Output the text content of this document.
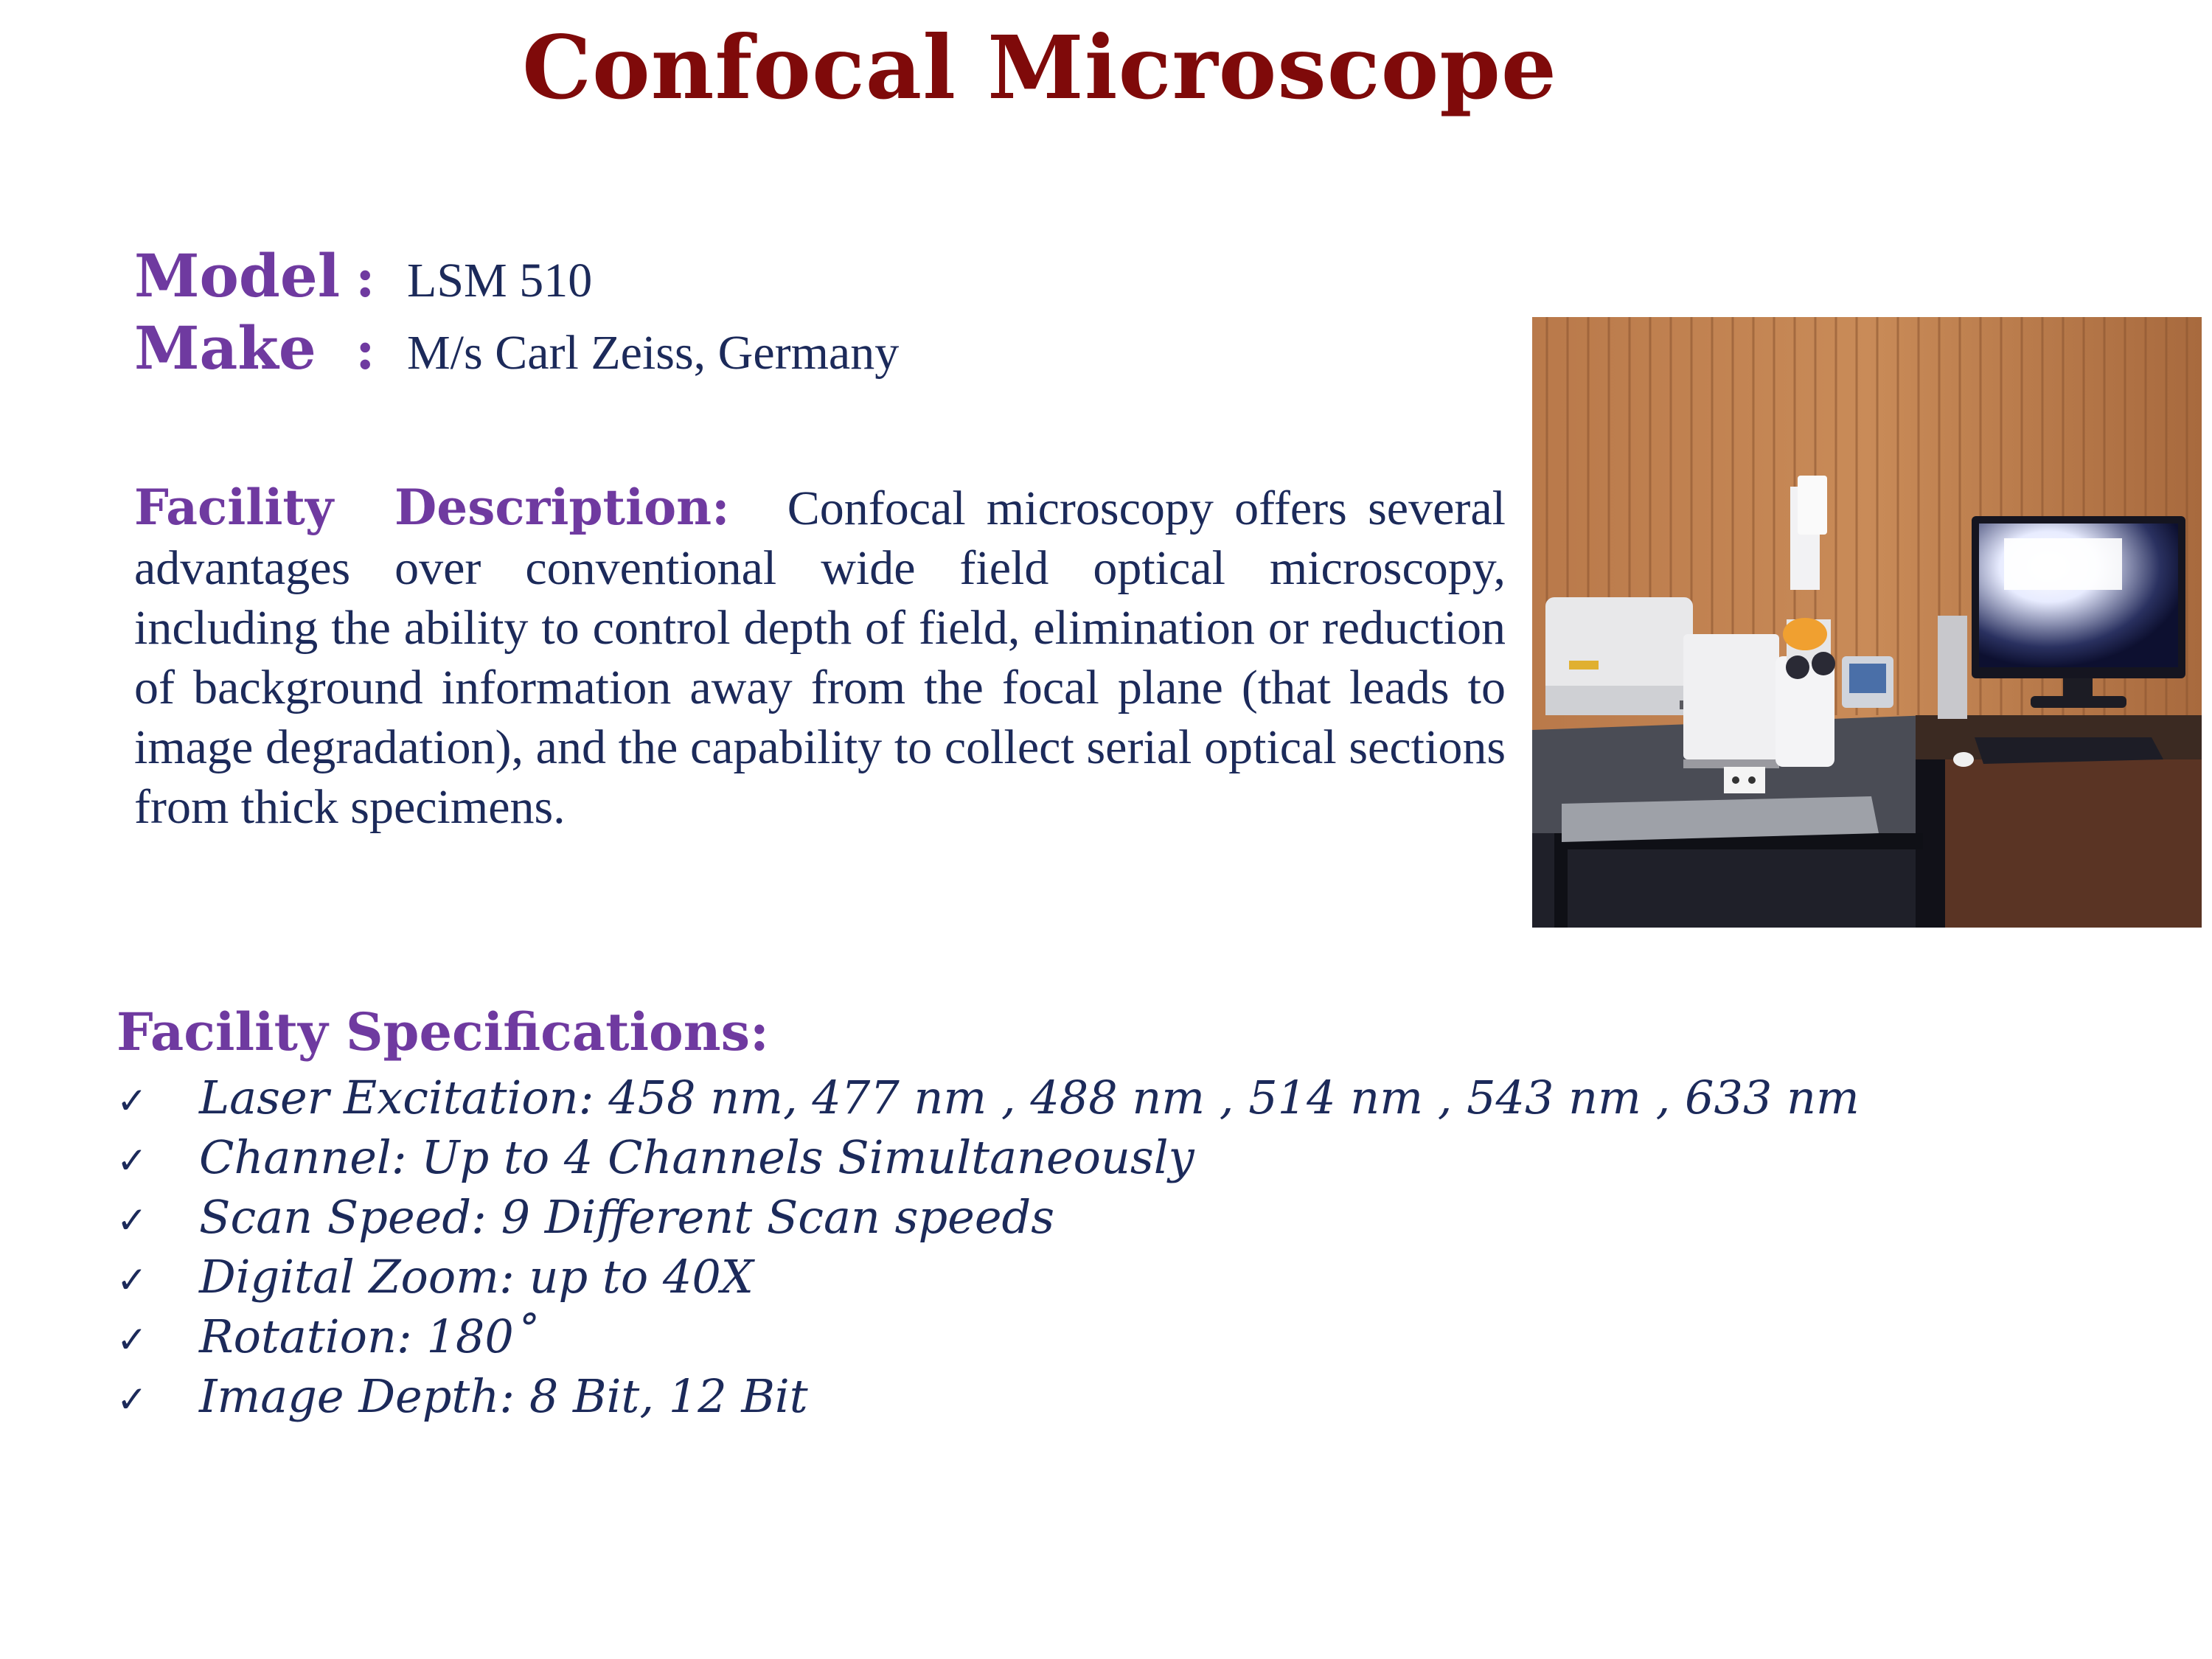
Confocal Microscope
Model : LSM 510
Make : M/s Carl Zeiss, Germany
Facility Description: Confocal microscopy offers several advantages over conventional wide field optical microscopy, including the ability to control depth of field, elimination or reduction of background information away from the focal plane (that leads to image degradation), and the capability to collect serial optical sections from thick specimens.
Facility Specifications:
✓ Laser Excitation: 458 nm, 477 nm , 488 nm , 514 nm , 543 nm , 633 nm
✓ Channel: Up to 4 Channels Simultaneously
✓ Scan Speed: 9 Different Scan speeds
✓ Digital Zoom: up to 40X
✓ Rotation: 180˚
✓ Image Depth: 8 Bit, 12 Bit
